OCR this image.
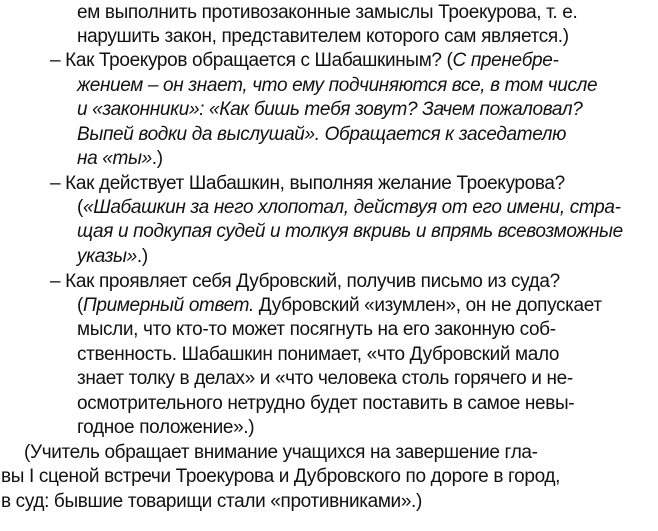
ем выполнить противозаконные замыслы Троекурова, т. е.
нарушить закон, представителем которого сам является.)
– Как Троекуров обращается с Шабашкиным? (С пренебре-
жением – он знает, что ему подчиняются все, в том числе
и «законники»: «Как бишь тебя зовут? Зачем пожаловал?
Выпей водки да выслушай». Обращается к заседателю
на «ты».)
– Как действует Шабашкин, выполняя желание Троекурова?
(«Шабашкин за него хлопотал, действуя от его имени, стра-
щая и подкупая судей и толкуя вкривь и впрямь всевозможные
указы».)
– Как проявляет себя Дубровский, получив письмо из суда?
(Примерный ответ. Дубровский «изумлен», он не допускает
мысли, что кто-то может посягнуть на его законную соб-
ственность. Шабашкин понимает, «что Дубровский мало
знает толку в делах» и «что человека столь горячего и не-
осмотрительного нетрудно будет поставить в самое невы-
годное положение».)
(Учитель обращает внимание учащихся на завершение гла-
вы I сценой встречи Троекурова и Дубровского по дороге в город,
в суд: бывшие товарищи стали «противниками».)
